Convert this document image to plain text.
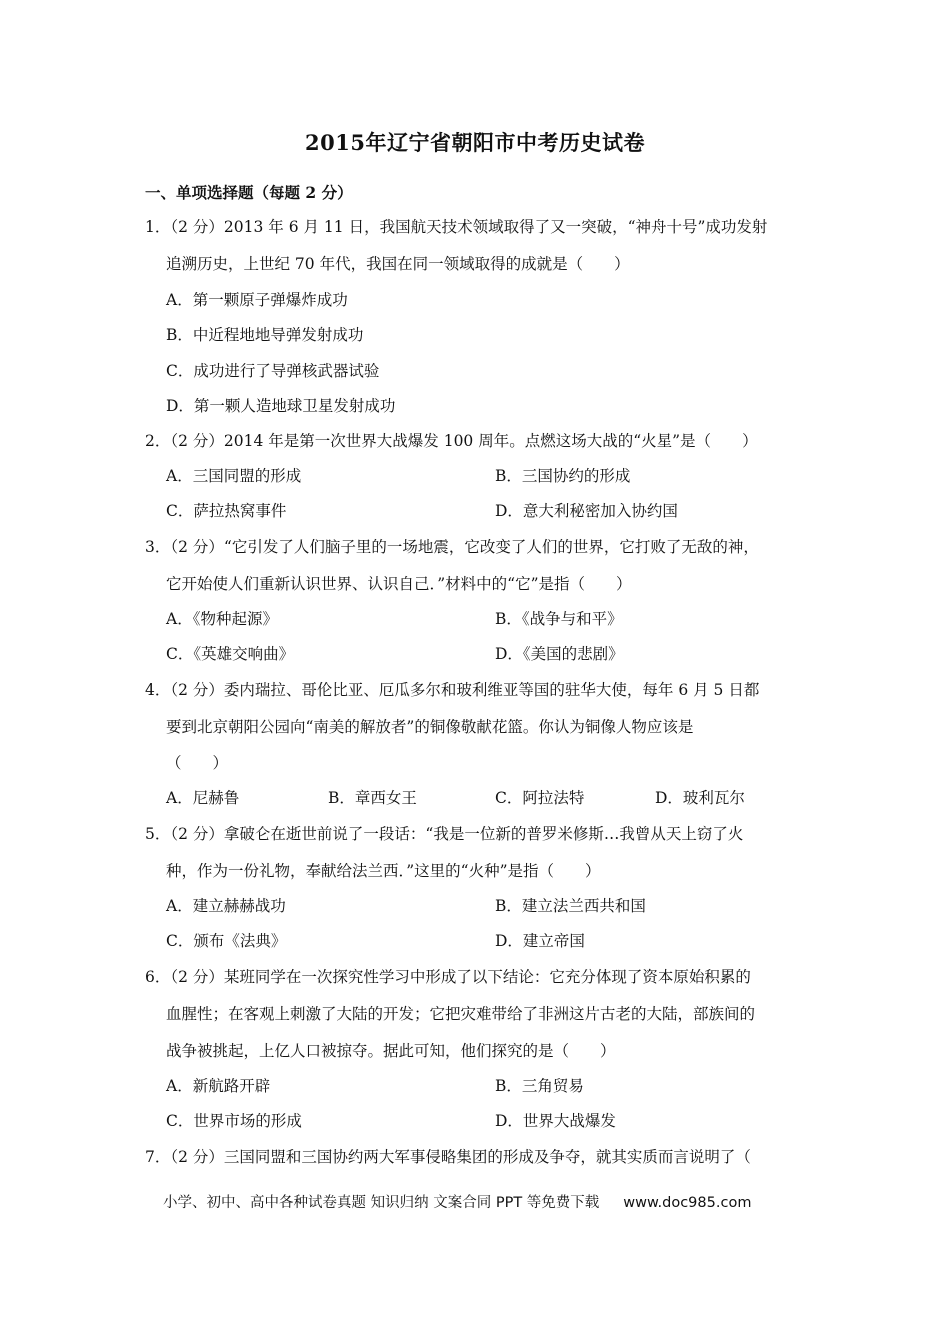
2015年辽宁省朝阳市中考历史试卷
一、单项选择题（每题 2 分）
1．（2 分）2013 年 6 月 11 日，我国航天技术领域取得了又一突破，“神舟十号”成功发射
追溯历史，上世纪 70 年代，我国在同一领域取得的成就是（　　）
A．第一颗原子弹爆炸成功
B．中近程地地导弹发射成功
C．成功进行了导弹核武器试验
D．第一颗人造地球卫星发射成功
2．（2 分）2014 年是第一次世界大战爆发 100 周年。点燃这场大战的“火星”是（　　）
A．三国同盟的形成	B．三国协约的形成
C．萨拉热窝事件	D．意大利秘密加入协约国
3．（2 分）“它引发了人们脑子里的一场地震，它改变了人们的世界，它打败了无敌的神，
它开始使人们重新认识世界、认识自己．”材料中的“它”是指（　　）
A．《物种起源》	B．《战争与和平》
C．《英雄交响曲》	D．《美国的悲剧》
4．（2 分）委内瑞拉、哥伦比亚、厄瓜多尔和玻利维亚等国的驻华大使，每年 6 月 5 日都
要到北京朝阳公园向“南美的解放者”的铜像敬献花篮。你认为铜像人物应该是
（　　）
A．尼赫鲁	B．章西女王	C．阿拉法特	D．玻利瓦尔
5．（2 分）拿破仑在逝世前说了一段话：“我是一位新的普罗米修斯…我曾从天上窃了火
种，作为一份礼物，奉献给法兰西．”这里的“火种”是指（　　）
A．建立赫赫战功	B．建立法兰西共和国
C．颁布《法典》	D．建立帝国
6．（2 分）某班同学在一次探究性学习中形成了以下结论：它充分体现了资本原始积累的
血腥性；在客观上刺激了大陆的开发；它把灾难带给了非洲这片古老的大陆，部族间的
战争被挑起，上亿人口被掠夺。据此可知，他们探究的是（　　）
A．新航路开辟	B．三角贸易
C．世界市场的形成	D．世界大战爆发
7．（2 分）三国同盟和三国协约两大军事侵略集团的形成及争夺，就其实质而言说明了（
小学、初中、高中各种试卷真题 知识归纳 文案合同 PPT 等免费下载 www.doc985.com
